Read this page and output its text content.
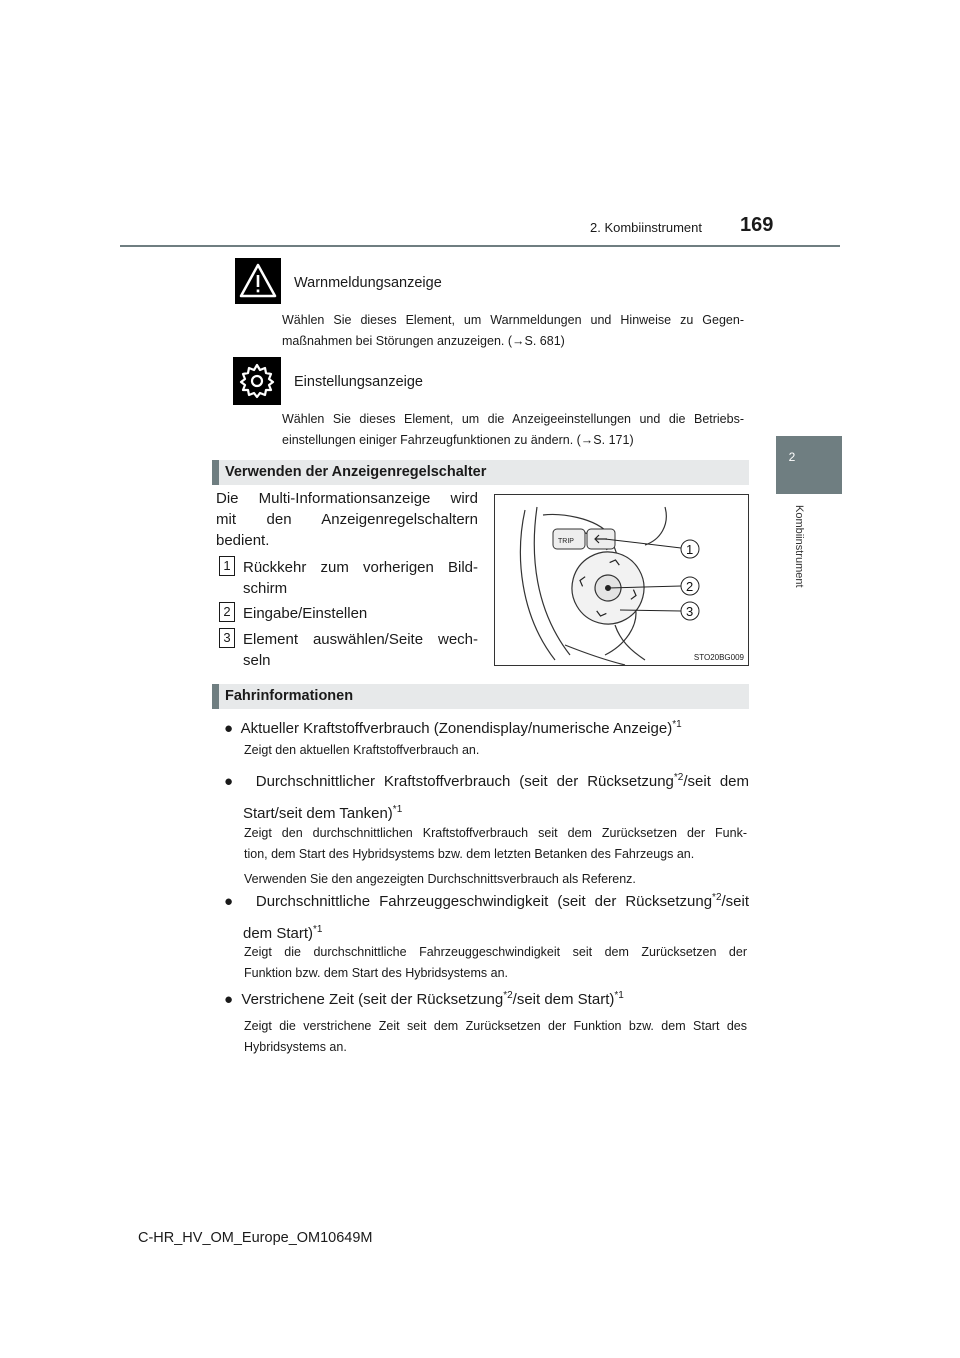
2. Kombiinstrument 169
2
Kombiinstrument
Warnmeldungsanzeige
Wählen Sie dieses Element, um Warnmeldungen und Hinweise zu Gegen-
maßnahmen bei Störungen anzuzeigen. (→S. 681)
Einstellungsanzeige
Wählen Sie dieses Element, um die Anzeigeeinstellungen und die Betriebs-
einstellungen einiger Fahrzeugfunktionen zu ändern. (→S. 171)
Verwenden der Anzeigenregelschalter
Die Multi-Informationsanzeige wird
mit den Anzeigenregelschaltern
bedient.
1 Rückkehr zum vorherigen Bild-
schirm
2 Eingabe/Einstellen
3 Element auswählen/Seite wech-
seln
TRIP
1
2
3
STO20BG009
Fahrinformationen
● Aktueller Kraftstoffverbrauch (Zonendisplay/numerische Anzeige)$^{*1}$
Zeigt den aktuellen Kraftstoffverbrauch an.
● Durchschnittlicher Kraftstoffverbrauch (seit der Rücksetzung$^{*2}$/seit dem
Start/seit dem Tanken)$^{*1}$
Zeigt den durchschnittlichen Kraftstoffverbrauch seit dem Zurücksetzen der Funk-
tion, dem Start des Hybridsystems bzw. dem letzten Betanken des Fahrzeugs an.
Verwenden Sie den angezeigten Durchschnittsverbrauch als Referenz.
● Durchschnittliche Fahrzeuggeschwindigkeit (seit der Rücksetzung$^{*2}$/seit
dem Start)$^{*1}$
Zeigt die durchschnittliche Fahrzeuggeschwindigkeit seit dem Zurücksetzen der
Funktion bzw. dem Start des Hybridsystems an.
● Verstrichene Zeit (seit der Rücksetzung$^{*2}$/seit dem Start)$^{*1}$
Zeigt die verstrichene Zeit seit dem Zurücksetzen der Funktion bzw. dem Start des
Hybridsystems an.
C-HR_HV_OM_Europe_OM10649M
